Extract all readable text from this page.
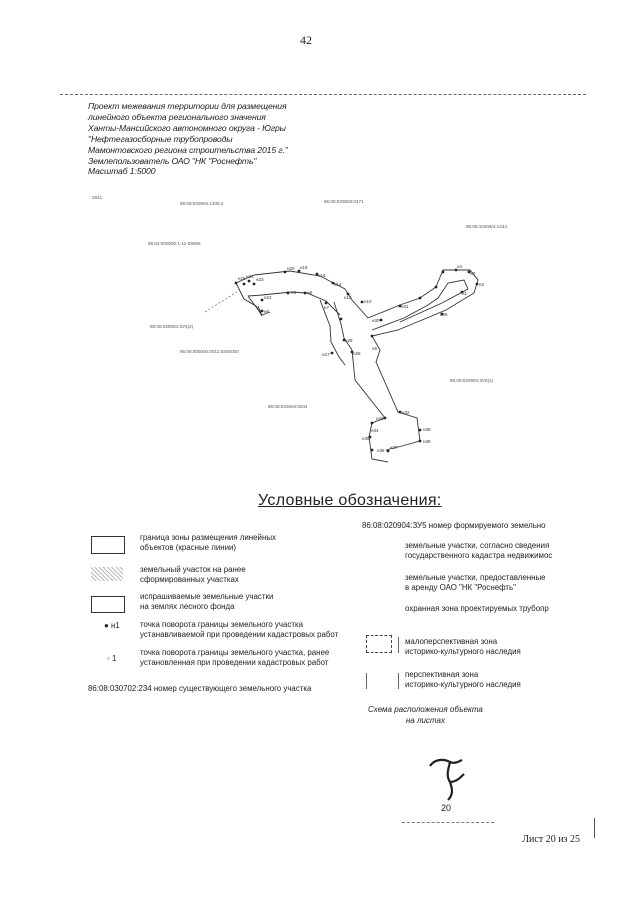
42
Проект межевания территории для размещения
линейного объекта регионального значения
Ханты-Мансийского автономного округа - Югры
"Нефтегазосборные трубопроводы
Мамонтовского региона строительства 2015 г."
Землепользователь ОАО "НК "Роснефть"
Масштаб 1:5000
н25 н24
н23
н22
н20 н18
н16
н14
н12
н10
н9 н8
н7
н6
н5
н4
н3
н2
н1
н26
н27	н28
н29
н30
н31
н32
н33
н34
н35
н36
н37
н38
н39
2841
86:08:020904:1206:2	86:08:020903:0471
86:08:10206/4:1434
86:04:000000:1-11-09055
86:08:020904:ЗУ5(2)
86:08:000000:0012:0400000
86:08:020904:ЗУ5(1)
86:08:020604:0034
Условные обозначения:
граница зоны размещения линейных
объектов (красные линии)
земельный участок на ранее
сформированных участках
испрашиваемые земельные участки
на землях лесного фонда
● н1	точка поворота границы земельного участка
устанавливаемой при проведении кадастровых работ
◦ 1
точка поворота границы земельного участка, ранее
установленная при проведении кадастровых работ
86:08:030702:234 номер существующего земельного участка
86:08:020904:ЗУ5 номер формируемого земельно
земельные участки, согласно сведения
государственного кадастра недвижимос
земельные участки, предоставленные
в аренду ОАО "НК "Роснефть"
охранная зона проектируемых трубопр
малоперспективная зона
историко-культурного наследия
перспективная зона
историко-культурного наследия
Схема расположения объекта
на листах
20
Лист 20 из 25
